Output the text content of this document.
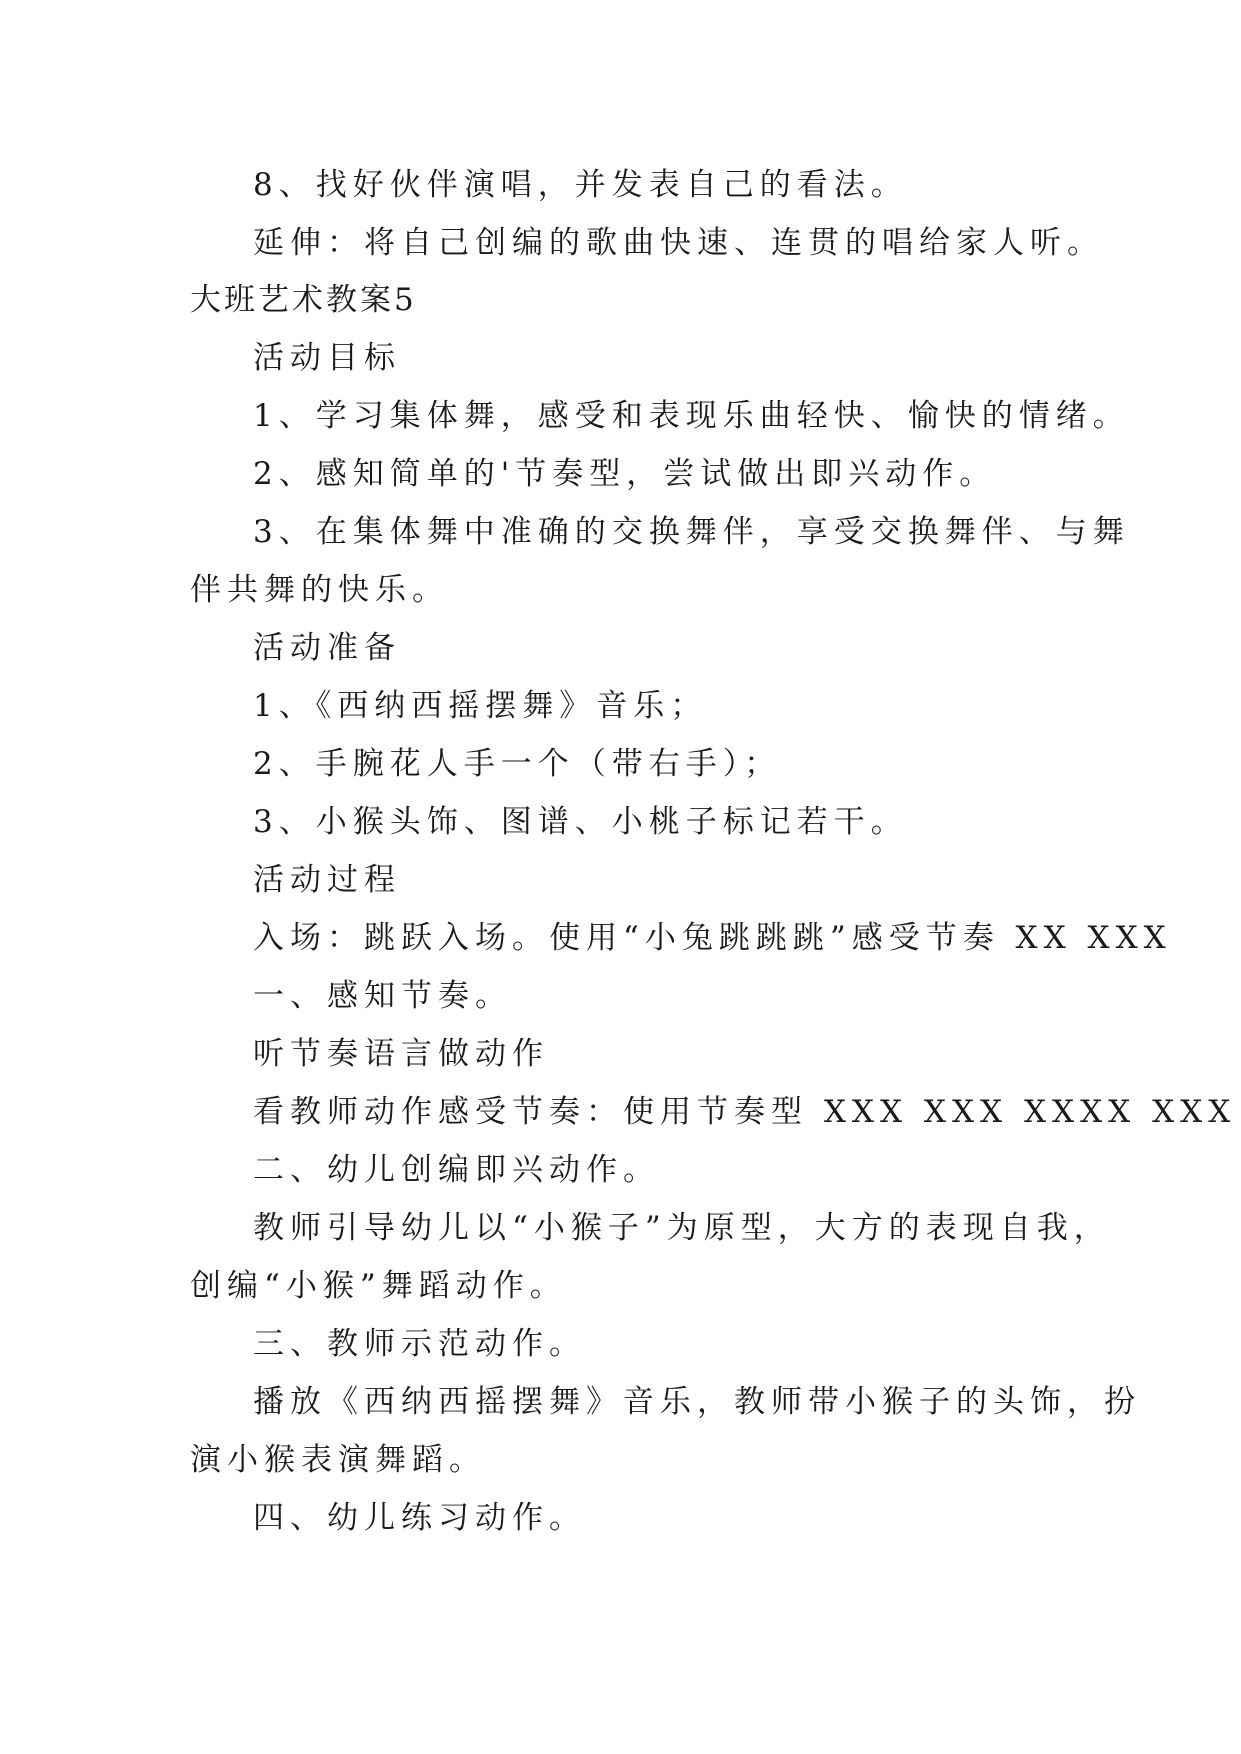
8、找好伙伴演唱，并发表自己的看法。
延伸：将自己创编的歌曲快速、连贯的唱给家人听。
大班艺术教案5
活动目标
1、学习集体舞，感受和表现乐曲轻快、愉快的情绪。
2、感知简单的'节奏型，尝试做出即兴动作。
3、在集体舞中准确的交换舞伴，享受交换舞伴、与舞
伴共舞的快乐。
活动准备
1、《西纳西摇摆舞》音乐；
2、手腕花人手一个（带右手）；
3、小猴头饰、图谱、小桃子标记若干。
活动过程
入场：跳跃入场。使用“小兔跳跳跳”感受节奏 XX XXX
一、感知节奏。
听节奏语言做动作
看教师动作感受节奏：使用节奏型 XXX XXX XXXX XXX
二、幼儿创编即兴动作。
教师引导幼儿以“小猴子”为原型，大方的表现自我，
创编“小猴”舞蹈动作。
三、教师示范动作。
播放《西纳西摇摆舞》音乐，教师带小猴子的头饰，扮
演小猴表演舞蹈。
四、幼儿练习动作。
